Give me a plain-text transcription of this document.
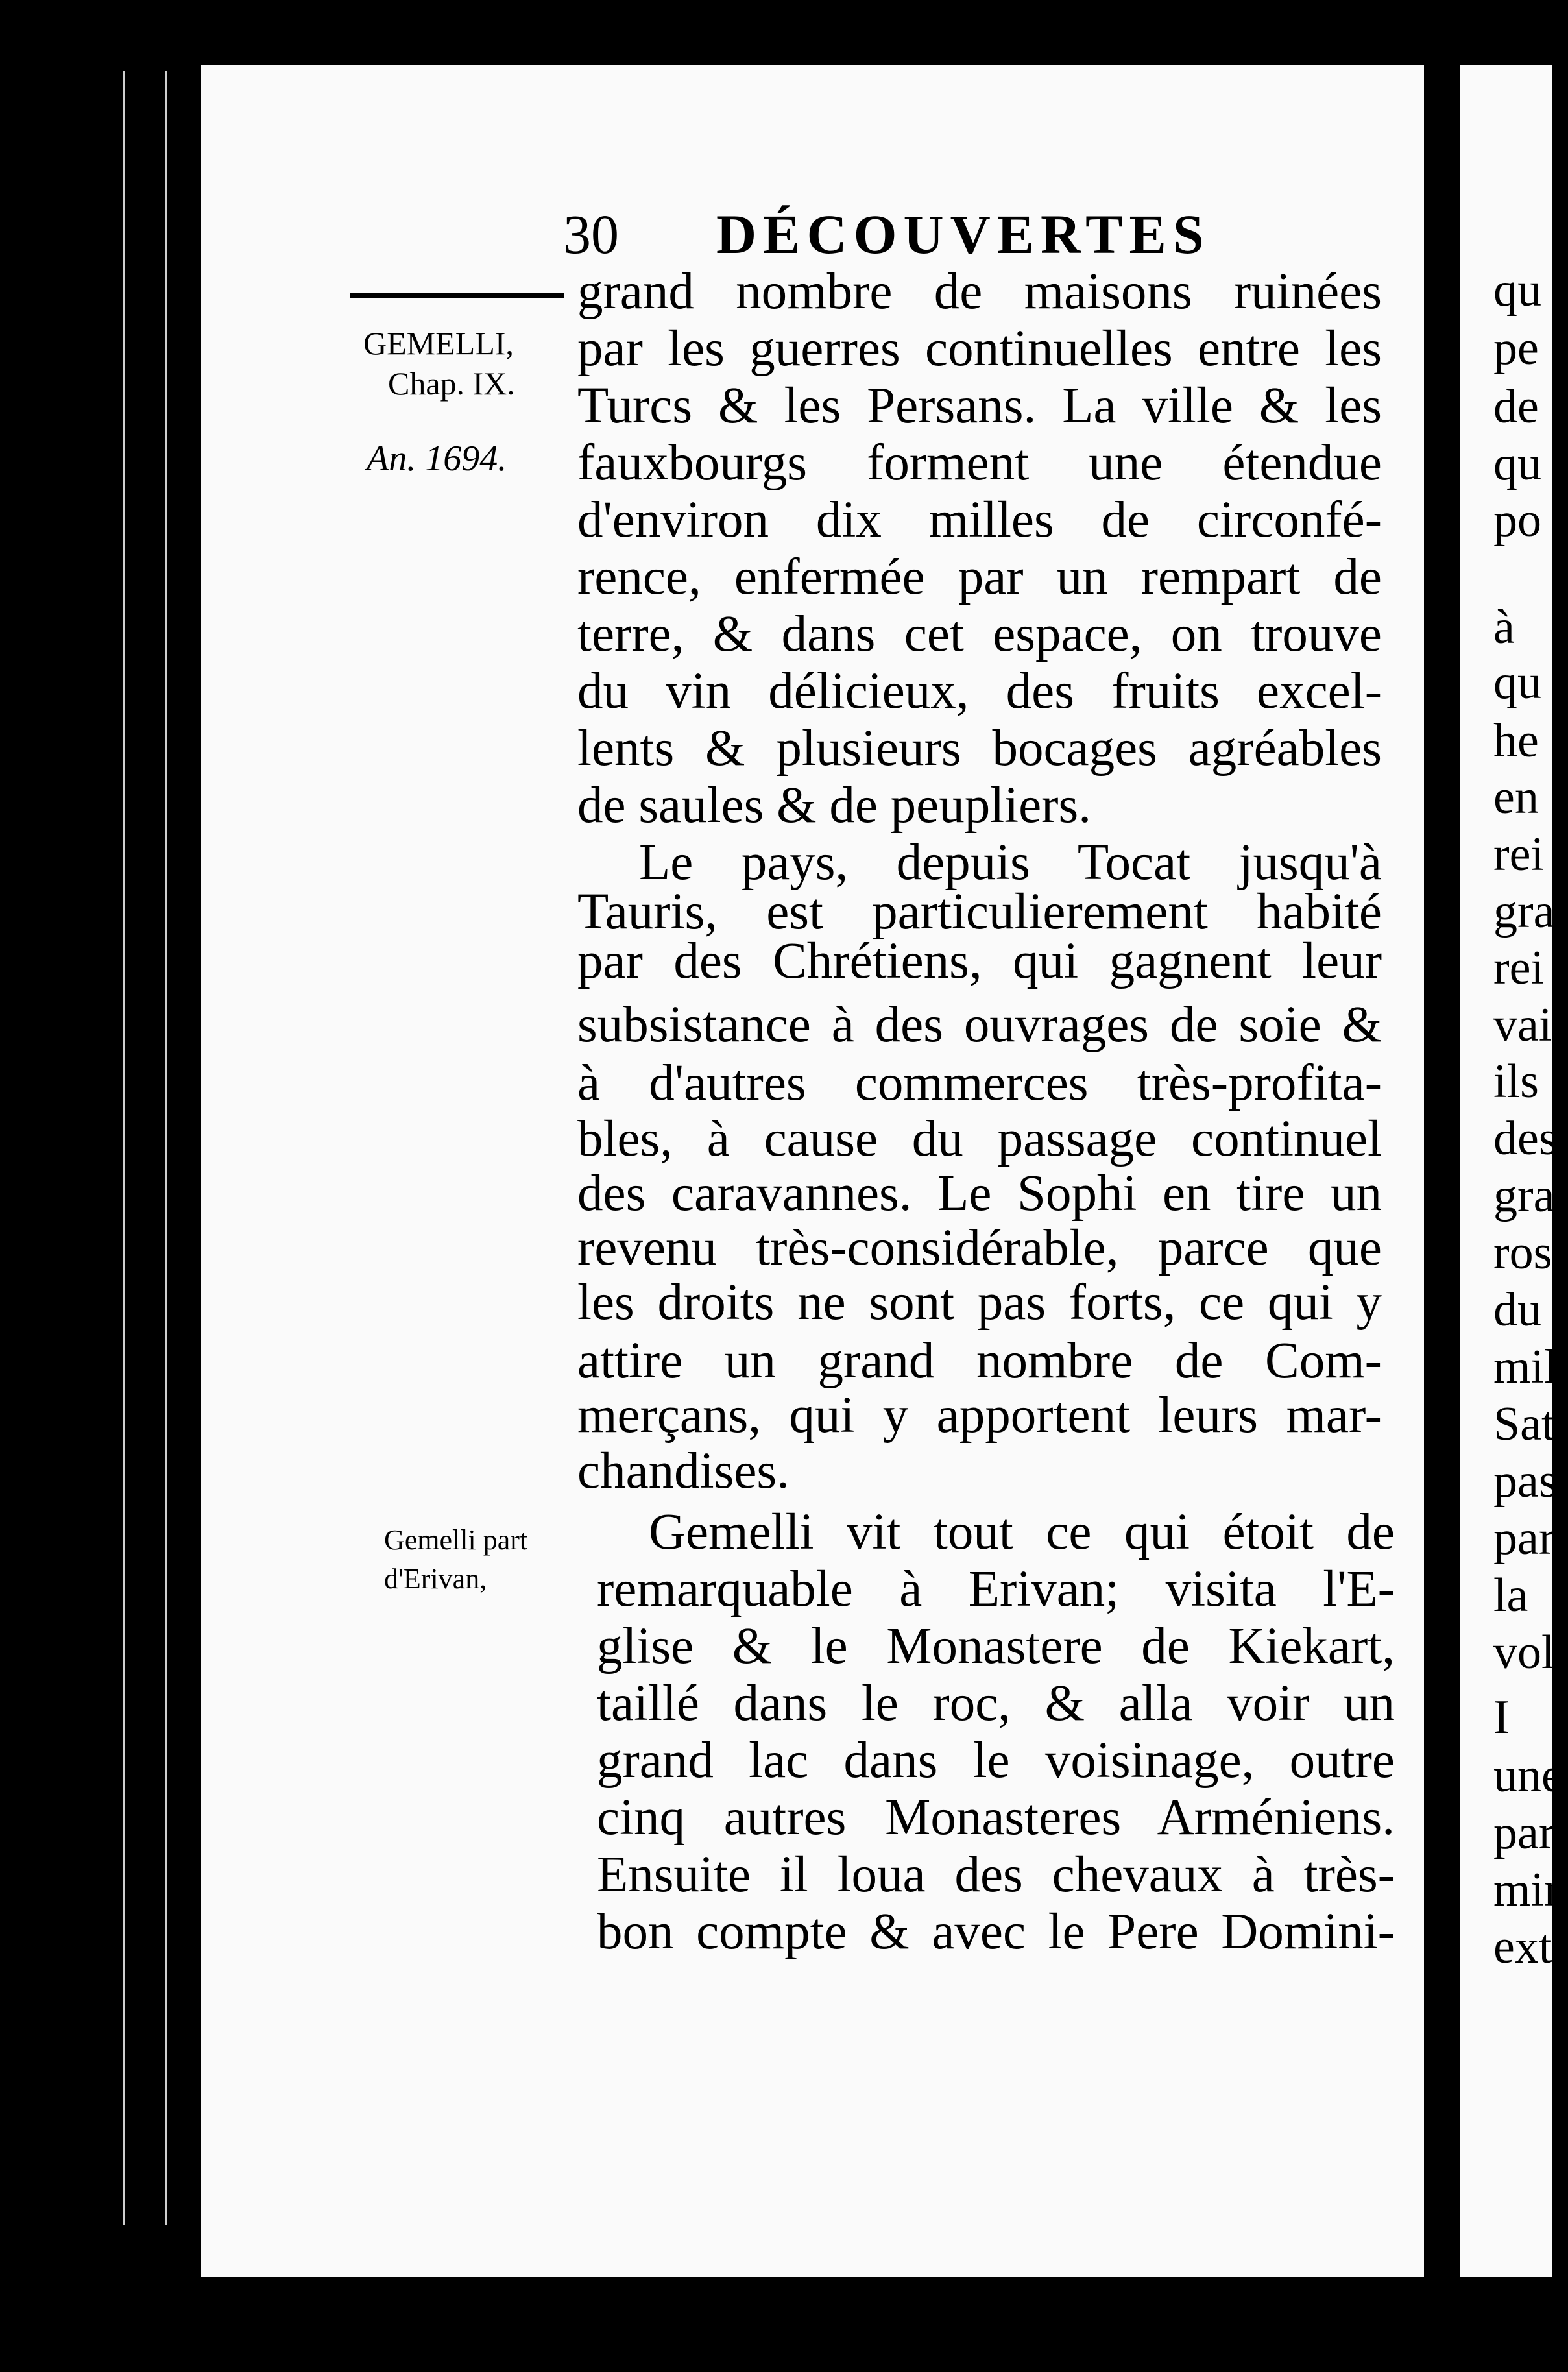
qu
pe
de
qu
po
à
qu
he
en
rei
gra
rei
vai
ils
des
gra
ros
du
mil
Sat
pas
par
la
vol
I
une
par
min
exti
30 DÉCOUVERTES
GEMELLI,
Chap. IX.
An. 1694.
Gemelli part
d'Erivan,
grand nombre de maisons ruinées
par les guerres continuelles entre les
Turcs & les Persans. La ville & les
fauxbourgs forment une étendue
d'environ dix milles de circonfé-
rence, enfermée par un rempart de
terre, & dans cet espace, on trouve
du vin délicieux, des fruits excel-
lents & plusieurs bocages agréables
de saules & de peupliers.
Le pays, depuis Tocat jusqu'à
Tauris, est particulierement habité
par des Chrétiens, qui gagnent leur
subsistance à des ouvrages de soie &
à d'autres commerces très-profita-
bles, à cause du passage continuel
des caravannes. Le Sophi en tire un
revenu très-considérable, parce que
les droits ne sont pas forts, ce qui y
attire un grand nombre de Com-
merçans, qui y apportent leurs mar-
chandises.
Gemelli vit tout ce qui étoit de
remarquable à Erivan; visita l'E-
glise & le Monastere de Kiekart,
taillé dans le roc, & alla voir un
grand lac dans le voisinage, outre
cinq autres Monasteres Arméniens.
Ensuite il loua des chevaux à très-
bon compte & avec le Pere Domini-
